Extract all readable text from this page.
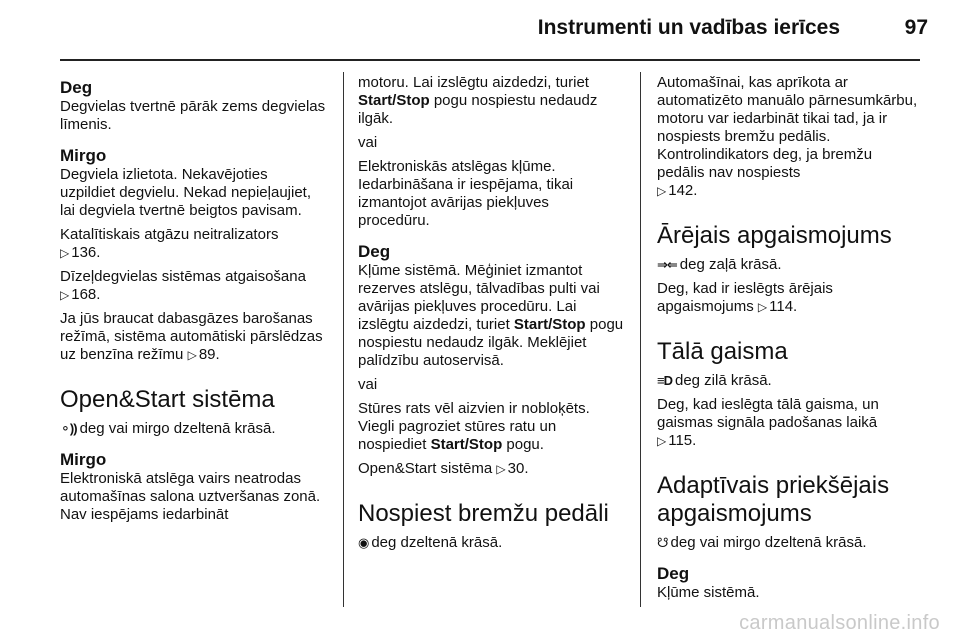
Instrumenti un vadības ierīces	97
Deg

Degvielas tvertnē pārāk zems degvielas līmenis.

Mirgo

Degviela izlietota. Nekavējoties uzpildiet degvielu. Nekad nepieļaujiet, lai degviela tvertnē beigtos pavisam.

Katalītiskais atgāzu neitralizators
▷ 136.

Dīzeļdegvielas sistēmas atgaisošana
▷ 168.

Ja jūs braucat dabasgāzes barošanas režīmā, sistēma automātiski pārslēdzas uz benzīna režīmu ▷ 89.

Open&Start sistēma

⚬)) deg vai mirgo dzeltenā krāsā.

Mirgo

Elektroniskā atslēga vairs neatrodas automašīnas salona uztveršanas zonā. Nav iespējams iedarbināt

motoru. Lai izslēgtu aizdedzi, turiet Start/Stop pogu nospiestu nedaudz ilgāk.

vai

Elektroniskās atslēgas kļūme. Iedarbināšana ir iespējama, tikai izmantojot avārijas piekļuves procedūru.

Deg

Kļūme sistēmā. Mēģiniet izmantot rezerves atslēgu, tālvadības pulti vai avārijas piekļuves procedūru. Lai izslēgtu aizdedzi, turiet Start/Stop pogu nospiestu nedaudz ilgāk. Meklējiet palīdzību autoservisā.

vai

Stūres rats vēl aizvien ir nobloķēts. Viegli pagroziet stūres ratu un nospiediet Start/Stop pogu.

Open&Start sistēma ▷ 30.

Nospiest bremžu pedāli

◉ deg dzeltenā krāsā.

Automašīnai, kas aprīkota ar automatizēto manuālo pārnesumkārbu, motoru var iedarbināt tikai tad, ja ir nospiests bremžu pedālis. Kontrolindikators deg, ja bremžu pedālis nav nospiests
▷ 142.

Ārējais apgaismojums

⇒⇐ deg zaļā krāsā.

Deg, kad ir ieslēgts ārējais apgaismojums ▷ 114.

Tālā gaisma

≡D deg zilā krāsā.

Deg, kad ieslēgta tālā gaisma, un gaismas signāla padošanas laikā
▷ 115.

Adaptīvais priekšējais apgaismojums

☋ deg vai mirgo dzeltenā krāsā.

Deg

Kļūme sistēmā.

carmanualsonline.info
